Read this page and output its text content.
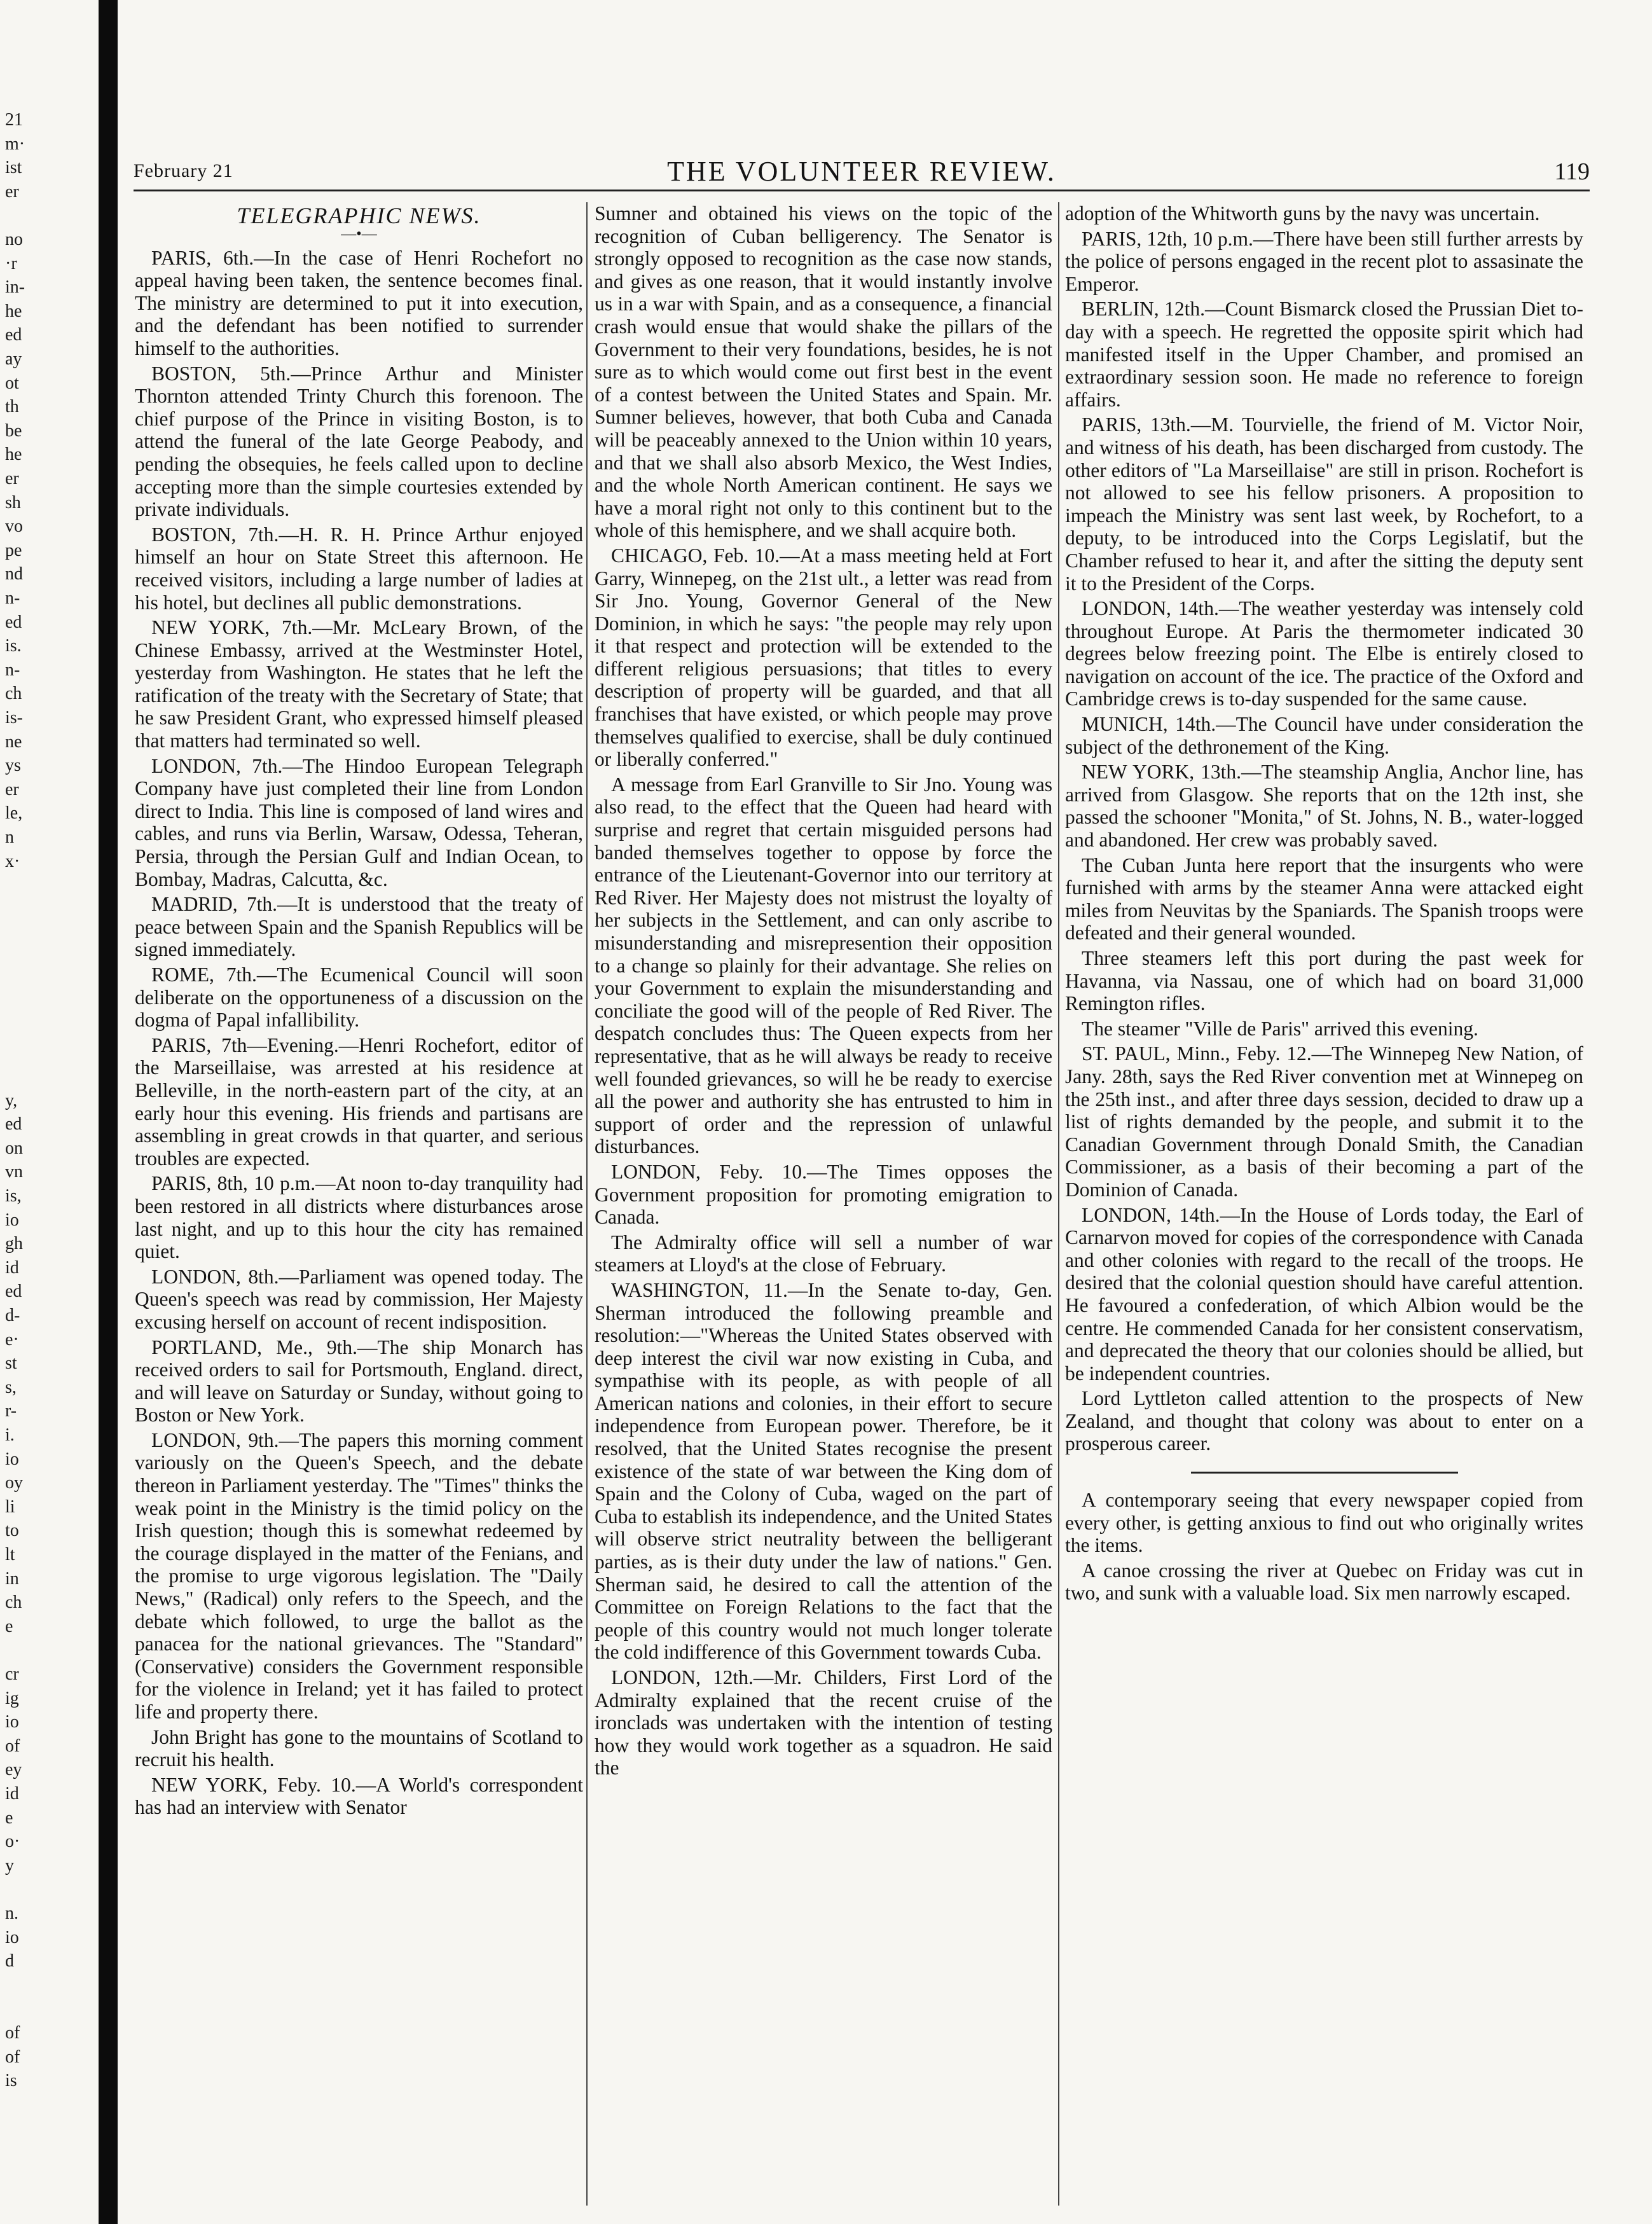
21
m·
ist
er
no
·r
in-
he
ed
ay
ot
th
be
he
er
sh
vo
pe
nd
n-
ed
is.
n-
ch
is-
ne
ys
er
le,
n
x·
y,
ed
on
vn
is,
io
gh
id
ed
d-
e·
st
s,
r-
i.
io
oy
li
to
lt
in
ch
e
cr
ig
io
of
ey
id
e
o·
y
n.
io
d
of
of
is
February 21	THE VOLUNTEER REVIEW.	119
TELEGRAPHIC NEWS.
—•—

PARIS, 6th.—In the case of Henri Rochefort no appeal having been taken, the sentence becomes final. The ministry are determined to put it into execution, and the defendant has been notified to surrender himself to the authorities.

BOSTON, 5th.—Prince Arthur and Minister Thornton attended Trinty Church this forenoon. The chief purpose of the Prince in visiting Boston, is to attend the funeral of the late George Peabody, and pending the obsequies, he feels called upon to decline accepting more than the simple courtesies extended by private individuals.

BOSTON, 7th.—H. R. H. Prince Arthur enjoyed himself an hour on State Street this afternoon. He received visitors, including a large number of ladies at his hotel, but declines all public demonstrations.

NEW YORK, 7th.—Mr. McLeary Brown, of the Chinese Embassy, arrived at the Westminster Hotel, yesterday from Washington. He states that he left the ratification of the treaty with the Secretary of State; that he saw President Grant, who expressed himself pleased that matters had terminated so well.

LONDON, 7th.—The Hindoo European Telegraph Company have just completed their line from London direct to India. This line is composed of land wires and cables, and runs via Berlin, Warsaw, Odessa, Teheran, Persia, through the Persian Gulf and Indian Ocean, to Bombay, Madras, Calcutta, &c.

MADRID, 7th.—It is understood that the treaty of peace between Spain and the Spanish Republics will be signed immediately.

ROME, 7th.—The Ecumenical Council will soon deliberate on the opportuneness of a discussion on the dogma of Papal infallibility.

PARIS, 7th—Evening.—Henri Rochefort, editor of the Marseillaise, was arrested at his residence at Belleville, in the north-eastern part of the city, at an early hour this evening. His friends and partisans are assembling in great crowds in that quarter, and serious troubles are expected.

PARIS, 8th, 10 p.m.—At noon to-day tranquility had been restored in all districts where disturbances arose last night, and up to this hour the city has remained quiet.

LONDON, 8th.—Parliament was opened today. The Queen's speech was read by commission, Her Majesty excusing herself on account of recent indisposition.

PORTLAND, Me., 9th.—The ship Monarch has received orders to sail for Portsmouth, England. direct, and will leave on Saturday or Sunday, without going to Boston or New York.

LONDON, 9th.—The papers this morning comment variously on the Queen's Speech, and the debate thereon in Parliament yesterday. The "Times" thinks the weak point in the Ministry is the timid policy on the Irish question; though this is somewhat redeemed by the courage displayed in the matter of the Fenians, and the promise to urge vigorous legislation. The "Daily News," (Radical) only refers to the Speech, and the debate which followed, to urge the ballot as the panacea for the national grievances. The "Standard" (Conservative) considers the Government responsible for the violence in Ireland; yet it has failed to protect life and property there.

John Bright has gone to the mountains of Scotland to recruit his health.

NEW YORK, Feby. 10.—A World's correspondent has had an interview with Senator

Sumner and obtained his views on the topic of the recognition of Cuban belligerency. The Senator is strongly opposed to recognition as the case now stands, and gives as one reason, that it would instantly involve us in a war with Spain, and as a consequence, a financial crash would ensue that would shake the pillars of the Government to their very foundations, besides, he is not sure as to which would come out first best in the event of a contest between the United States and Spain. Mr. Sumner believes, however, that both Cuba and Canada will be peaceably annexed to the Union within 10 years, and that we shall also absorb Mexico, the West Indies, and the whole North American continent. He says we have a moral right not only to this continent but to the whole of this hemisphere, and we shall acquire both.

CHICAGO, Feb. 10.—At a mass meeting held at Fort Garry, Winnepeg, on the 21st ult., a letter was read from Sir Jno. Young, Governor General of the New Dominion, in which he says: "the people may rely upon it that respect and protection will be extended to the different religious persuasions; that titles to every description of property will be guarded, and that all franchises that have existed, or which people may prove themselves qualified to exercise, shall be duly continued or liberally conferred."

A message from Earl Granville to Sir Jno. Young was also read, to the effect that the Queen had heard with surprise and regret that certain misguided persons had banded themselves together to oppose by force the entrance of the Lieutenant-Governor into our territory at Red River. Her Majesty does not mistrust the loyalty of her subjects in the Settlement, and can only ascribe to misunderstanding and misrepresention their opposition to a change so plainly for their advantage. She relies on your Government to explain the misunderstanding and conciliate the good will of the people of Red River. The despatch concludes thus: The Queen expects from her representative, that as he will always be ready to receive well founded grievances, so will he be ready to exercise all the power and authority she has entrusted to him in support of order and the repression of unlawful disturbances.

LONDON, Feby. 10.—The Times opposes the Government proposition for promoting emigration to Canada.

The Admiralty office will sell a number of war steamers at Lloyd's at the close of February.

WASHINGTON, 11.—In the Senate to-day, Gen. Sherman introduced the following preamble and resolution:—"Whereas the United States observed with deep interest the civil war now existing in Cuba, and sympathise with its people, as with people of all American nations and colonies, in their effort to secure independence from European power. Therefore, be it resolved, that the United States recognise the present existence of the state of war between the King dom of Spain and the Colony of Cuba, waged on the part of Cuba to establish its independence, and the United States will observe strict neutrality between the belligerant parties, as is their duty under the law of nations." Gen. Sherman said, he desired to call the attention of the Committee on Foreign Relations to the fact that the people of this country would not much longer tolerate the cold indifference of this Government towards Cuba.

LONDON, 12th.—Mr. Childers, First Lord of the Admiralty explained that the recent cruise of the ironclads was undertaken with the intention of testing how they would work together as a squadron. He said the

adoption of the Whitworth guns by the navy was uncertain.

PARIS, 12th, 10 p.m.—There have been still further arrests by the police of persons engaged in the recent plot to assasinate the Emperor.

BERLIN, 12th.—Count Bismarck closed the Prussian Diet to-day with a speech. He regretted the opposite spirit which had manifested itself in the Upper Chamber, and promised an extraordinary session soon. He made no reference to foreign affairs.

PARIS, 13th.—M. Tourvielle, the friend of M. Victor Noir, and witness of his death, has been discharged from custody. The other editors of "La Marseillaise" are still in prison. Rochefort is not allowed to see his fellow prisoners. A proposition to impeach the Ministry was sent last week, by Rochefort, to a deputy, to be introduced into the Corps Legislatif, but the Chamber refused to hear it, and after the sitting the deputy sent it to the President of the Corps.

LONDON, 14th.—The weather yesterday was intensely cold throughout Europe. At Paris the thermometer indicated 30 degrees below freezing point. The Elbe is entirely closed to navigation on account of the ice. The practice of the Oxford and Cambridge crews is to-day suspended for the same cause.

MUNICH, 14th.—The Council have under consideration the subject of the dethronement of the King.

NEW YORK, 13th.—The steamship Anglia, Anchor line, has arrived from Glasgow. She reports that on the 12th inst, she passed the schooner "Monita," of St. Johns, N. B., water-logged and abandoned. Her crew was probably saved.

The Cuban Junta here report that the insurgents who were furnished with arms by the steamer Anna were attacked eight miles from Neuvitas by the Spaniards. The Spanish troops were defeated and their general wounded.

Three steamers left this port during the past week for Havanna, via Nassau, one of which had on board 31,000 Remington rifles.

The steamer "Ville de Paris" arrived this evening.

ST. PAUL, Minn., Feby. 12.—The Winnepeg New Nation, of Jany. 28th, says the Red River convention met at Winnepeg on the 25th inst., and after three days session, decided to draw up a list of rights demanded by the people, and submit it to the Canadian Government through Donald Smith, the Canadian Commissioner, as a basis of their becoming a part of the Dominion of Canada.

LONDON, 14th.—In the House of Lords today, the Earl of Carnarvon moved for copies of the correspondence with Canada and other colonies with regard to the recall of the troops. He desired that the colonial question should have careful attention. He favoured a confederation, of which Albion would be the centre. He commended Canada for her consistent conservatism, and deprecated the theory that our colonies should be allied, but be independent countries.

Lord Lyttleton called attention to the prospects of New Zealand, and thought that colony was about to enter on a prosperous career.

A contemporary seeing that every newspaper copied from every other, is getting anxious to find out who originally writes the items.

A canoe crossing the river at Quebec on Friday was cut in two, and sunk with a valuable load. Six men narrowly escaped.
